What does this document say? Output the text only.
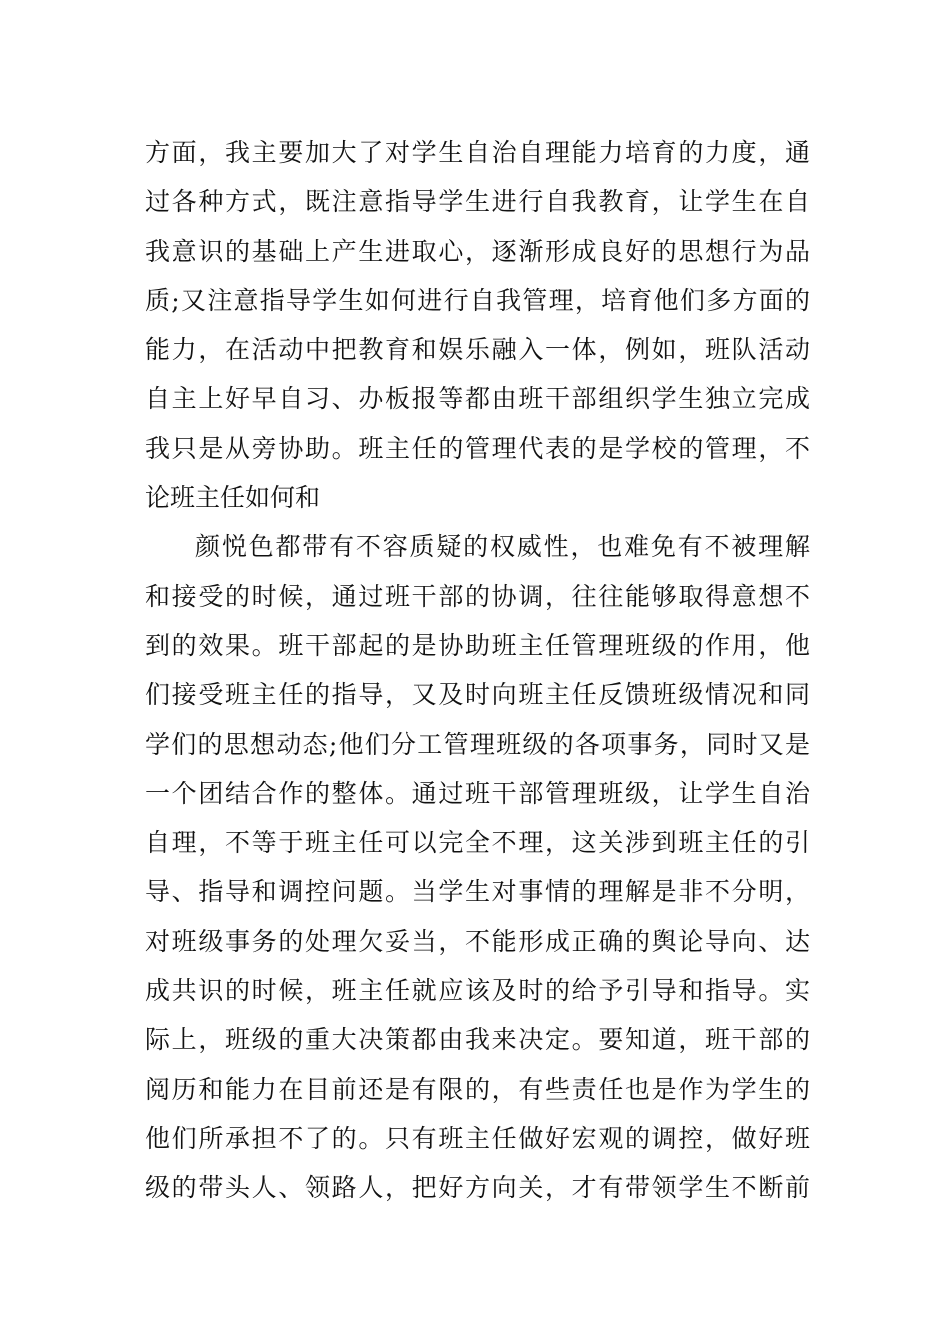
方面，我主要加大了对学生自治自理能力培育的力度，通
过各种方式，既注意指导学生进行自我教育，让学生在自
我意识的基础上产生进取心，逐渐形成良好的思想行为品
质;又注意指导学生如何进行自我管理，培育他们多方面的
能力，在活动中把教育和娱乐融入一体，例如，班队活动
自主上好早自习、办板报等都由班干部组织学生独立完成
我只是从旁协助。班主任的管理代表的是学校的管理，不
论班主任如何和
颜悦色都带有不容质疑的权威性，也难免有不被理解
和接受的时候，通过班干部的协调，往往能够取得意想不
到的效果。班干部起的是协助班主任管理班级的作用，他
们接受班主任的指导，又及时向班主任反馈班级情况和同
学们的思想动态;他们分工管理班级的各项事务，同时又是
一个团结合作的整体。通过班干部管理班级，让学生自治
自理，不等于班主任可以完全不理，这关涉到班主任的引
导、指导和调控问题。当学生对事情的理解是非不分明，
对班级事务的处理欠妥当，不能形成正确的舆论导向、达
成共识的时候，班主任就应该及时的给予引导和指导。实
际上，班级的重大决策都由我来决定。要知道，班干部的
阅历和能力在目前还是有限的，有些责任也是作为学生的
他们所承担不了的。只有班主任做好宏观的调控，做好班
级的带头人、领路人，把好方向关，才有带领学生不断前
